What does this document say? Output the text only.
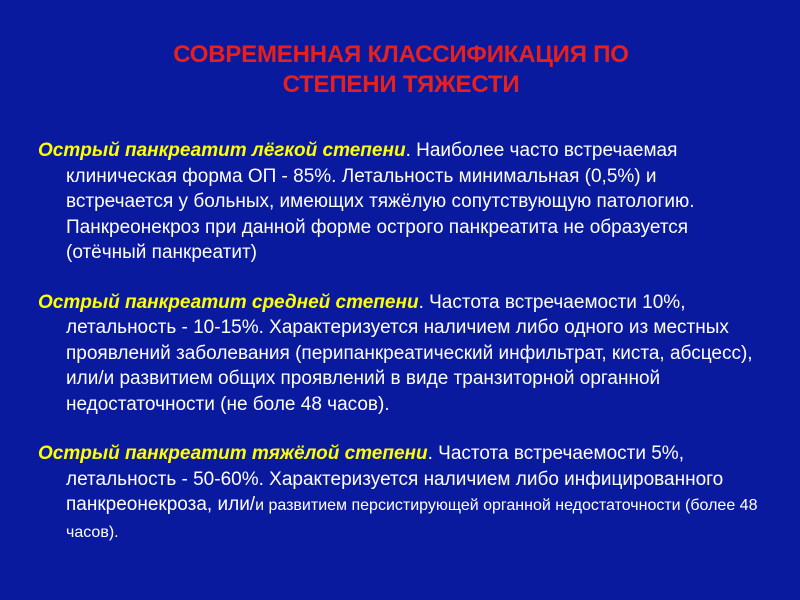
СОВРЕМЕННАЯ КЛАССИФИКАЦИЯ ПО
СТЕПЕНИ ТЯЖЕСТИ

Острый панкреатит лёгкой степени. Наиболее часто встречаемая клиническая форма ОП - 85%. Летальность минимальная (0,5%) и встречается у больных, имеющих тяжёлую сопутствующую патологию. Панкреонекроз при данной форме острого панкреатита не образуется (отёчный панкреатит)

Острый панкреатит средней степени. Частота встречаемости 10%, летальность - 10-15%. Характеризуется наличием либо одного из местных проявлений заболевания (перипанкреатический инфильтрат, киста, абсцесс), или/и развитием общих проявлений в виде транзиторной органной недостаточности (не боле 48 часов).

Острый панкреатит тяжёлой степени. Частота встречаемости 5%, летальность - 50-60%. Характеризуется наличием либо инфицированного панкреонекроза, или/и развитием персистирующей органной недостаточности (более 48 часов).
